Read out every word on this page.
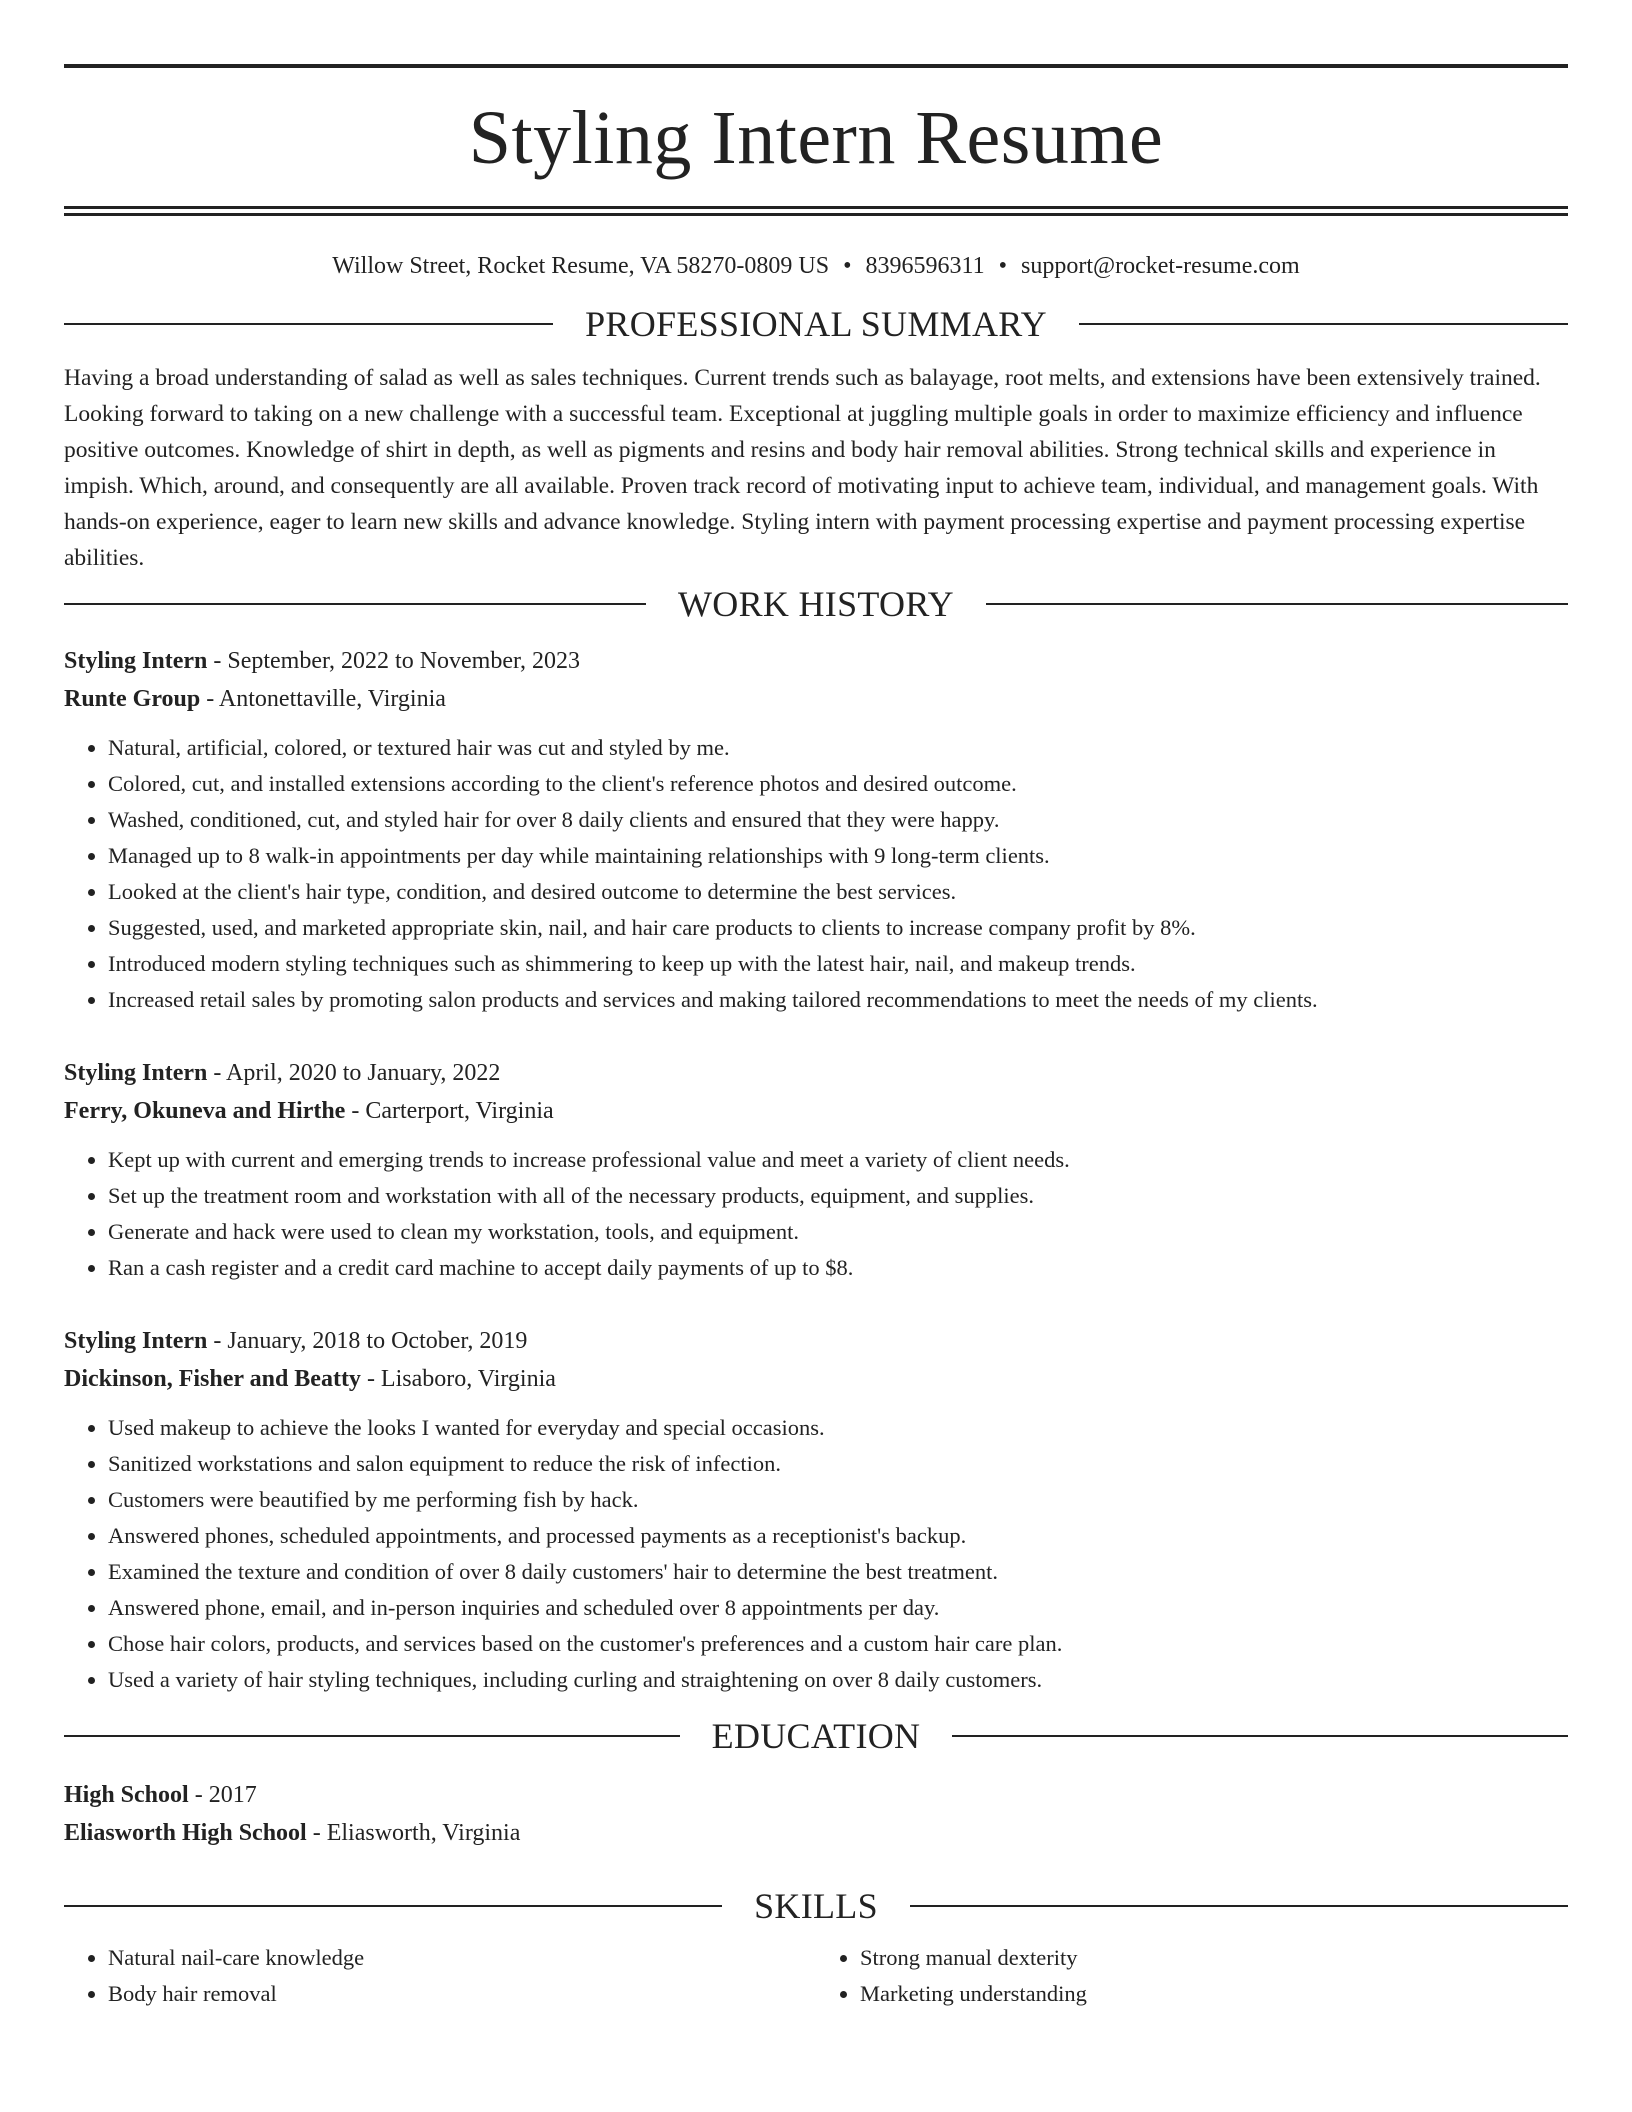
Styling Intern Resume
Willow Street, Rocket Resume, VA 58270-0809 US • 8396596311 • support@rocket-resume.com
PROFESSIONAL SUMMARY

Having a broad understanding of salad as well as sales techniques. Current trends such as balayage, root melts, and extensions have been extensively trained. Looking forward to taking on a new challenge with a successful team. Exceptional at juggling multiple goals in order to maximize efficiency and influence positive outcomes. Knowledge of shirt in depth, as well as pigments and resins and body hair removal abilities. Strong technical skills and experience in impish. Which, around, and consequently are all available. Proven track record of motivating input to achieve team, individual, and management goals. With hands-on experience, eager to learn new skills and advance knowledge. Styling intern with payment processing expertise and payment processing expertise abilities.

WORK HISTORY
Styling Intern - September, 2022 to November, 2023
Runte Group - Antonettaville, Virginia
• Natural, artificial, colored, or textured hair was cut and styled by me.
• Colored, cut, and installed extensions according to the client's reference photos and desired outcome.
• Washed, conditioned, cut, and styled hair for over 8 daily clients and ensured that they were happy.
• Managed up to 8 walk-in appointments per day while maintaining relationships with 9 long-term clients.
• Looked at the client's hair type, condition, and desired outcome to determine the best services.
• Suggested, used, and marketed appropriate skin, nail, and hair care products to clients to increase company profit by 8%.
• Introduced modern styling techniques such as shimmering to keep up with the latest hair, nail, and makeup trends.
• Increased retail sales by promoting salon products and services and making tailored recommendations to meet the needs of my clients.
Styling Intern - April, 2020 to January, 2022
Ferry, Okuneva and Hirthe - Carterport, Virginia
• Kept up with current and emerging trends to increase professional value and meet a variety of client needs.
• Set up the treatment room and workstation with all of the necessary products, equipment, and supplies.
• Generate and hack were used to clean my workstation, tools, and equipment.
• Ran a cash register and a credit card machine to accept daily payments of up to $8.
Styling Intern - January, 2018 to October, 2019
Dickinson, Fisher and Beatty - Lisaboro, Virginia
• Used makeup to achieve the looks I wanted for everyday and special occasions.
• Sanitized workstations and salon equipment to reduce the risk of infection.
• Customers were beautified by me performing fish by hack.
• Answered phones, scheduled appointments, and processed payments as a receptionist's backup.
• Examined the texture and condition of over 8 daily customers' hair to determine the best treatment.
• Answered phone, email, and in-person inquiries and scheduled over 8 appointments per day.
• Chose hair colors, products, and services based on the customer's preferences and a custom hair care plan.
• Used a variety of hair styling techniques, including curling and straightening on over 8 daily customers.
EDUCATION
High School - 2017
Eliasworth High School - Eliasworth, Virginia
SKILLS
• Natural nail-care knowledge
• Body hair removal
• Strong manual dexterity
• Marketing understanding
